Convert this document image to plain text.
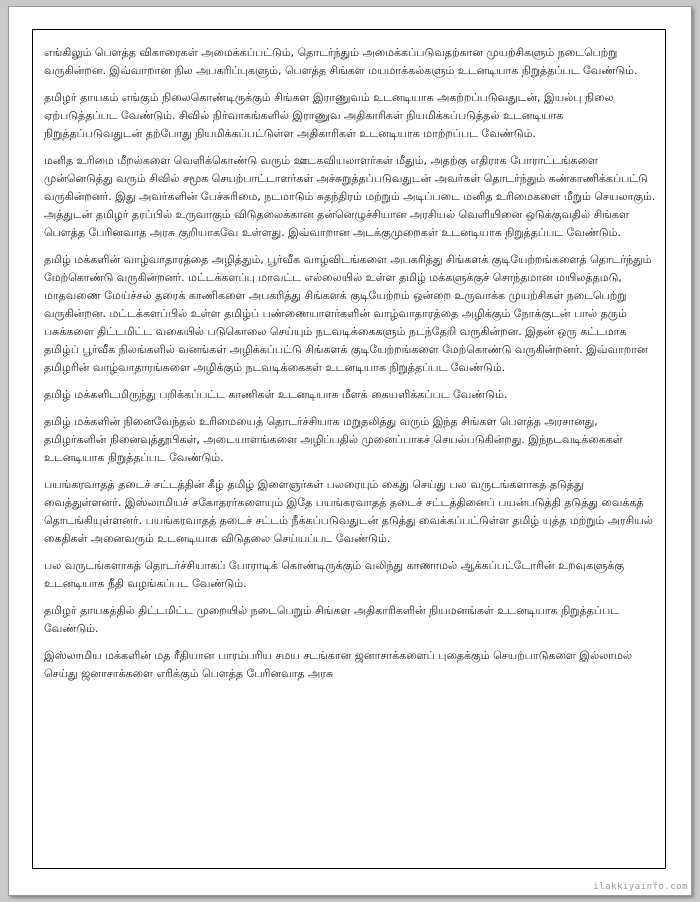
எங்கிலும் பௌத்த விகாரைகள் அமைக்கப்பட்டும், தொடர்ந்தும் அமைக்கப்படுவதற்கான முயற்சிகளும் நடைபெற்று வருகின்றன. இவ்வாறான நில அபகரிப்புகளும், பௌத்த சிங்கள மயமாக்கல்களும் உடனடியாக நிறுத்தப்பட வேண்டும்.

தமிழர் தாயகம் எங்கும் நிலைகொண்டிருக்கும் சிங்கள இராணுவம் உடனடியாக அகற்றப்படுவதுடன், இயல்பு நிலை ஏற்படுத்தப்பட வேண்டும். சிவில் நிர்வாகங்களில் இராணுவ அதிகாரிகள் நியமிக்கப்படுத்தல் உடனடியாக நிறுத்தப்படுவதுடன் தற்போது நியமிக்கப்பட்டுள்ள அதிகாரிகள் உடனடியாக மாற்றப்பட வேண்டும்.

மனித உரிமை மீறல்களை வெளிக்கொண்டு வரும் ஊடகவியலாளர்கள் மீதும், அதற்கு எதிராக போராட்டங்களை முன்னெடுத்து வரும் சிவில் சமூக செயற்பாட்டாளர்கள் அச்சுறுத்தப்படுவதுடன் அவர்கள் தொடர்ந்தும் கண்காணிக்கப்பட்டு வருகின்றனர். இது அவர்களின் பேச்சுரிமை, நடமாடும் சுதந்திரம் மற்றும் அடிப்படை மனித உரிமைகளை மீறும் செயலாகும். அத்துடன் தமிழர் தரப்பில் உருவாகும் விடுதலைக்கான தன்னெழுச்சியான அரசியல் வெளியினை ஒடுக்குவதில் சிங்கள பௌத்த பேரினவாத அரசு குறியாகவே உள்ளது. இவ்வாறான அடக்குமுறைகள் உடனடியாக நிறுத்தப்பட வேண்டும்.

தமிழ் மக்களின் வாழ்வாதாரத்தை அழித்தும், பூர்வீக வாழ்விடங்களை அபகரித்து சிங்களக் குடியேற்றங்களைத் தொடர்ந்தும் மேற்கொண்டு வருகின்றனர். மட்டக்களப்பு மாவட்ட எல்லையில் உள்ள தமிழ் மக்களுக்குச் சொந்தமான மயிலத்தமடு, மாதவணை மேய்ச்சல் தரைக் காணிகளை அபகரித்து சிங்களக் குடியேற்றம் ஒன்றை உருவாக்க முயற்சிகள் நடைபெற்று வருகின்றன. மட்டக்களப்பில் உள்ள தமிழ்ப் பண்ணையாளர்களின் வாழ்வாதாரத்தை அழிக்கும் நோக்குடன் பால் தரும் பசுக்களை திட்டமிட்ட வகையில் படுகொலை செய்யும் நடவடிக்கைகளும் நடந்தேறி வருகின்றன. இதன் ஒரு கட்டமாக தமிழ்ப் பூர்வீக நிலங்களில் வனங்கள் அழிக்கப்பட்டு சிங்களக் குடியேற்றங்களை மேற்கொண்டு வருகின்றனர். இவ்வாறான தமிழரின் வாழ்வாதாரங்களை அழிக்கும் நடவடிக்கைகள் உடனடியாக நிறுத்தப்பட வேண்டும்.

தமிழ் மக்களிடமிருந்து பறிக்கப்பட்ட காணிகள் உடனடியாக மீளக் கையளிக்கப்பட வேண்டும்.

தமிழ் மக்களின் நினைவேந்தல் உரிமையைத் தொடர்ச்சியாக மறுதலித்து வரும் இந்த சிங்கள பௌத்த அரசானது, தமிழர்களின் நினைவுத்தூபிகள், அடையாளங்களை அழிப்பதில் முனைப்பாகச் செயல்படுகின்றது. இந்நடவடிக்கைகள் உடனடியாக நிறுத்தப்பட வேண்டும்.

பயங்கரவாதத் தடைச் சட்டத்தின் கீழ் தமிழ் இளைஞர்கள் பலரையும் கைது செய்து பல வருடங்களாகத் தடுத்து வைத்துள்ளனர். இஸ்லாமியச் சகோதரர்களையும் இதே பயங்கரவாதத் தடைச் சட்டத்தினைப் பயன்படுத்தி தடுத்து வைக்கத் தொடங்கியுள்ளனர். பயங்கரவாதத் தடைச் சட்டம் நீக்கப்படுவதுடன் தடுத்து வைக்கப்பட்டுள்ள தமிழ் யுத்த மற்றும் அரசியல் கைதிகள் அனைவரும் உடனடியாக விடுதலை செய்யப்பட வேண்டும்.

பல வருடங்களாகத் தொடர்ச்சியாகப் போராடிக் கொண்டிருக்கும் வலிந்து காணாமல் ஆக்கப்பட்டோரின் உறவுகளுக்கு உடனடியாக நீதி வழங்கப்பட வேண்டும்.

தமிழர் தாயகத்தில் திட்டமிட்ட முறையில் நடைபெறும் சிங்கள அதிகாரிகளின் நியமனங்கள் உடனடியாக நிறுத்தப்பட வேண்டும்.

இஸ்லாமிய மக்களின் மத ரீதியான பாரம்பரிய சமய சடங்கான ஜனாசாக்களைப் புதைக்கும் செயற்பாடுகளை இல்லாமல் செய்து ஜனாசாக்களை எரிக்கும் பௌத்த பேரினவாத அரசு

ilakkiyainfo.com
